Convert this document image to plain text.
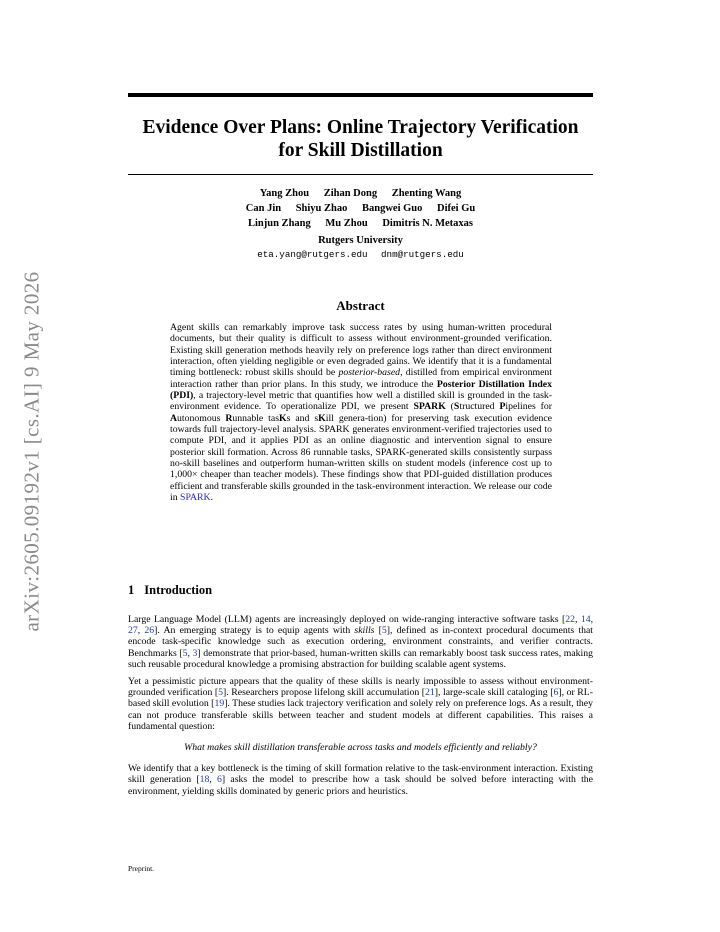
arXiv:2605.09192v1 [cs.AI] 9 May 2026
Evidence Over Plans: Online Trajectory Verification
for Skill Distillation
Yang Zhou Zihan Dong Zhenting Wang
Can Jin Shiyu Zhao Bangwei Guo Difei Gu
Linjun Zhang Mu Zhou Dimitris N. Metaxas
Rutgers University
eta.yang@rutgers.edu dnm@rutgers.edu
Abstract

Agent skills can remarkably improve task success rates by using human-written procedural documents, but their quality is difficult to assess without environment-grounded verification. Existing skill generation methods heavily rely on preference logs rather than direct environment interaction, often yielding negligible or even degraded gains. We identify that it is a fundamental timing bottleneck: robust skills should be posterior-based, distilled from empirical environment interaction rather than prior plans. In this study, we introduce the Posterior Distillation Index (PDI), a trajectory-level metric that quantifies how well a distilled skill is grounded in the task-environment evidence. To operationalize PDI, we present SPARK (Structured Pipelines for Autonomous Runnable tasKs and sKill genera-tion) for preserving task execution evidence towards full trajectory-level analysis. SPARK generates environment-verified trajectories used to compute PDI, and it applies PDI as an online diagnostic and intervention signal to ensure posterior skill formation. Across 86 runnable tasks, SPARK-generated skills consistently surpass no-skill baselines and outperform human-written skills on student models (inference cost up to 1,000× cheaper than teacher models). These findings show that PDI-guided distillation produces efficient and transferable skills grounded in the task-environment interaction. We release our code in SPARK.

1 Introduction

Large Language Model (LLM) agents are increasingly deployed on wide-ranging interactive software tasks [22, 14, 27, 26]. An emerging strategy is to equip agents with skills [5], defined as in-context procedural documents that encode task-specific knowledge such as execution ordering, environment constraints, and verifier contracts. Benchmarks [5, 3] demonstrate that prior-based, human-written skills can remarkably boost task success rates, making such reusable procedural knowledge a promising abstraction for building scalable agent systems.

Yet a pessimistic picture appears that the quality of these skills is nearly impossible to assess without environment-grounded verification [5]. Researchers propose lifelong skill accumulation [21], large-scale skill cataloging [6], or RL-based skill evolution [19]. These studies lack trajectory verification and solely rely on preference logs. As a result, they can not produce transferable skills between teacher and student models at different capabilities. This raises a fundamental question:

What makes skill distillation transferable across tasks and models efficiently and reliably?

We identify that a key bottleneck is the timing of skill formation relative to the task-environment interaction. Existing skill generation [18, 6] asks the model to prescribe how a task should be solved before interacting with the environment, yielding skills dominated by generic priors and heuristics.

Preprint.
